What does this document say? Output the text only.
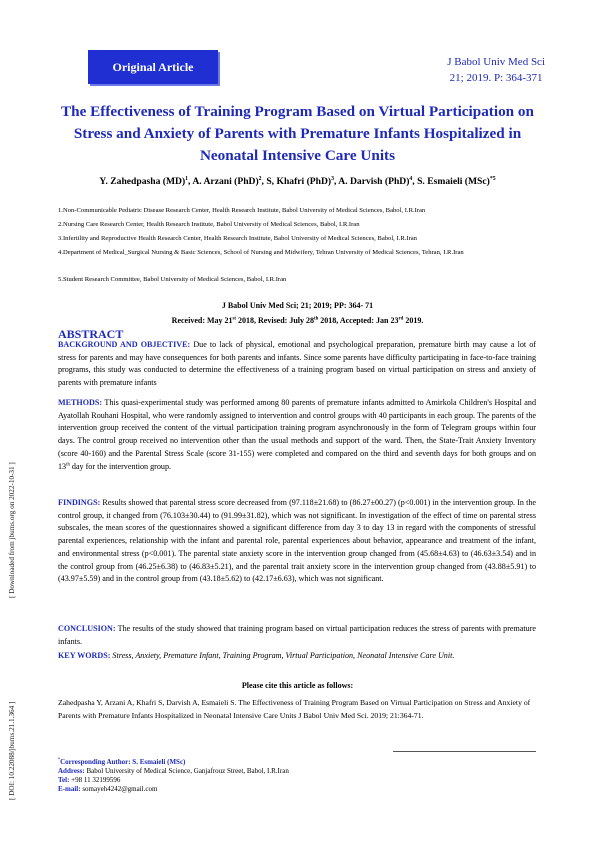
Original Article	J Babol Univ Med Sci
21; 2019. P: 364-371
The Effectiveness of Training Program Based on Virtual Participation on
Stress and Anxiety of Parents with Premature Infants Hospitalized in
Neonatal Intensive Care Units
Y. Zahedpasha (MD)$^1$, A. Arzani (PhD)$^2$, S, Khafri (PhD)$^3$, A. Darvish (PhD)$^4$, S. Esmaieli (MSc)$^{*5}$
1.Non-Communicable Pediatric Disease Research Center, Health Research Institute, Babol University of Medical Sciences, Babol, I.R.Iran
2.Nursing Care Research Center, Health Research Institute, Babol University of Medical Sciences, Babol, I.R.Iran
3.Infertility and Reproductive Health Research Center, Health Research Institute, Babol University of Medical Sciences, Babol, I.R.Iran
4.Department of Medical_Surgical Nursing & Basic Sciences, School of Nursing and Midwifery, Tehran University of Medical Sciences, Tehran, I.R.Iran
5.Student Research Committee, Babol University of Medical Sciences, Babol, I.R.Iran
J Babol Univ Med Sci; 21; 2019; PP: 364- 71
Received: May 21st 2018, Revised: July 28th 2018, Accepted: Jan 23rd 2019.
ABSTRACT
BACKGROUND AND OBJECTIVE: Due to lack of physical, emotional and psychological preparation, premature birth may cause a lot of stress for parents and may have consequences for both parents and infants. Since some parents have difficulty participating in face-to-face training programs, this study was conducted to determine the effectiveness of a training program based on virtual participation on stress and anxiety of parents with premature infants
METHODS: This quasi-experimental study was performed among 80 parents of premature infants admitted to Amirkola Children's Hospital and Ayatollah Rouhani Hospital, who were randomly assigned to intervention and control groups with 40 participants in each group. The parents of the intervention group received the content of the virtual participation training program asynchronously in the form of Telegram groups within four days. The control group received no intervention other than the usual methods and support of the ward. Then, the State-Trait Anxiety Inventory (score 40-160) and the Parental Stress Scale (score 31-155) were completed and compared on the third and seventh days for both groups and on 13th day for the intervention group.
FINDINGS: Results showed that parental stress score decreased from (97.118±21.68) to (86.27±00.27) (p<0.001) in the intervention group. In the control group, it changed from (76.103±30.44) to (91.99±31.82), which was not significant. In investigation of the effect of time on parental stress subscales, the mean scores of the questionnaires showed a significant difference from day 3 to day 13 in regard with the components of stressful parental experiences, relationship with the infant and parental role, parental experiences about behavior, appearance and treatment of the infant, and environmental stress (p<0.001). The parental state anxiety score in the intervention group changed from (45.68±4.63) to (46.63±3.54) and in the control group from (46.25±6.38) to (46.83±5.21), and the parental trait anxiety score in the intervention group changed from (43.88±5.91) to (43.97±5.59) and in the control group from (43.18±5.62) to (42.17±6.63), which was not significant.
CONCLUSION: The results of the study showed that training program based on virtual participation reduces the stress of parents with premature infants.
KEY WORDS: Stress, Anxiety, Premature Infant, Training Program, Virtual Participation, Neonatal Intensive Care Unit.
Please cite this article as follows:
Zahedpasha Y, Arzani A, Khafri S, Darvish A, Esmaieli S. The Effectiveness of Training Program Based on Virtual Participation on Stress and Anxiety of Parents with Premature Infants Hospitalized in Neonatal Intensive Care Units J Babol Univ Med Sci. 2019; 21:364-71.
*Corresponding Author: S. Esmaieli (MSc)
Address: Babol University of Medical Science, Ganjafrouz Street, Babol, I.R.Iran
Tel: +98 11 32199596
E-mail: somayeh4242@gmail.com
[ Downloaded from jbums.org on 2022-10-31 ]
[ DOI: 10.22088/jbums.21.1.364 ]
